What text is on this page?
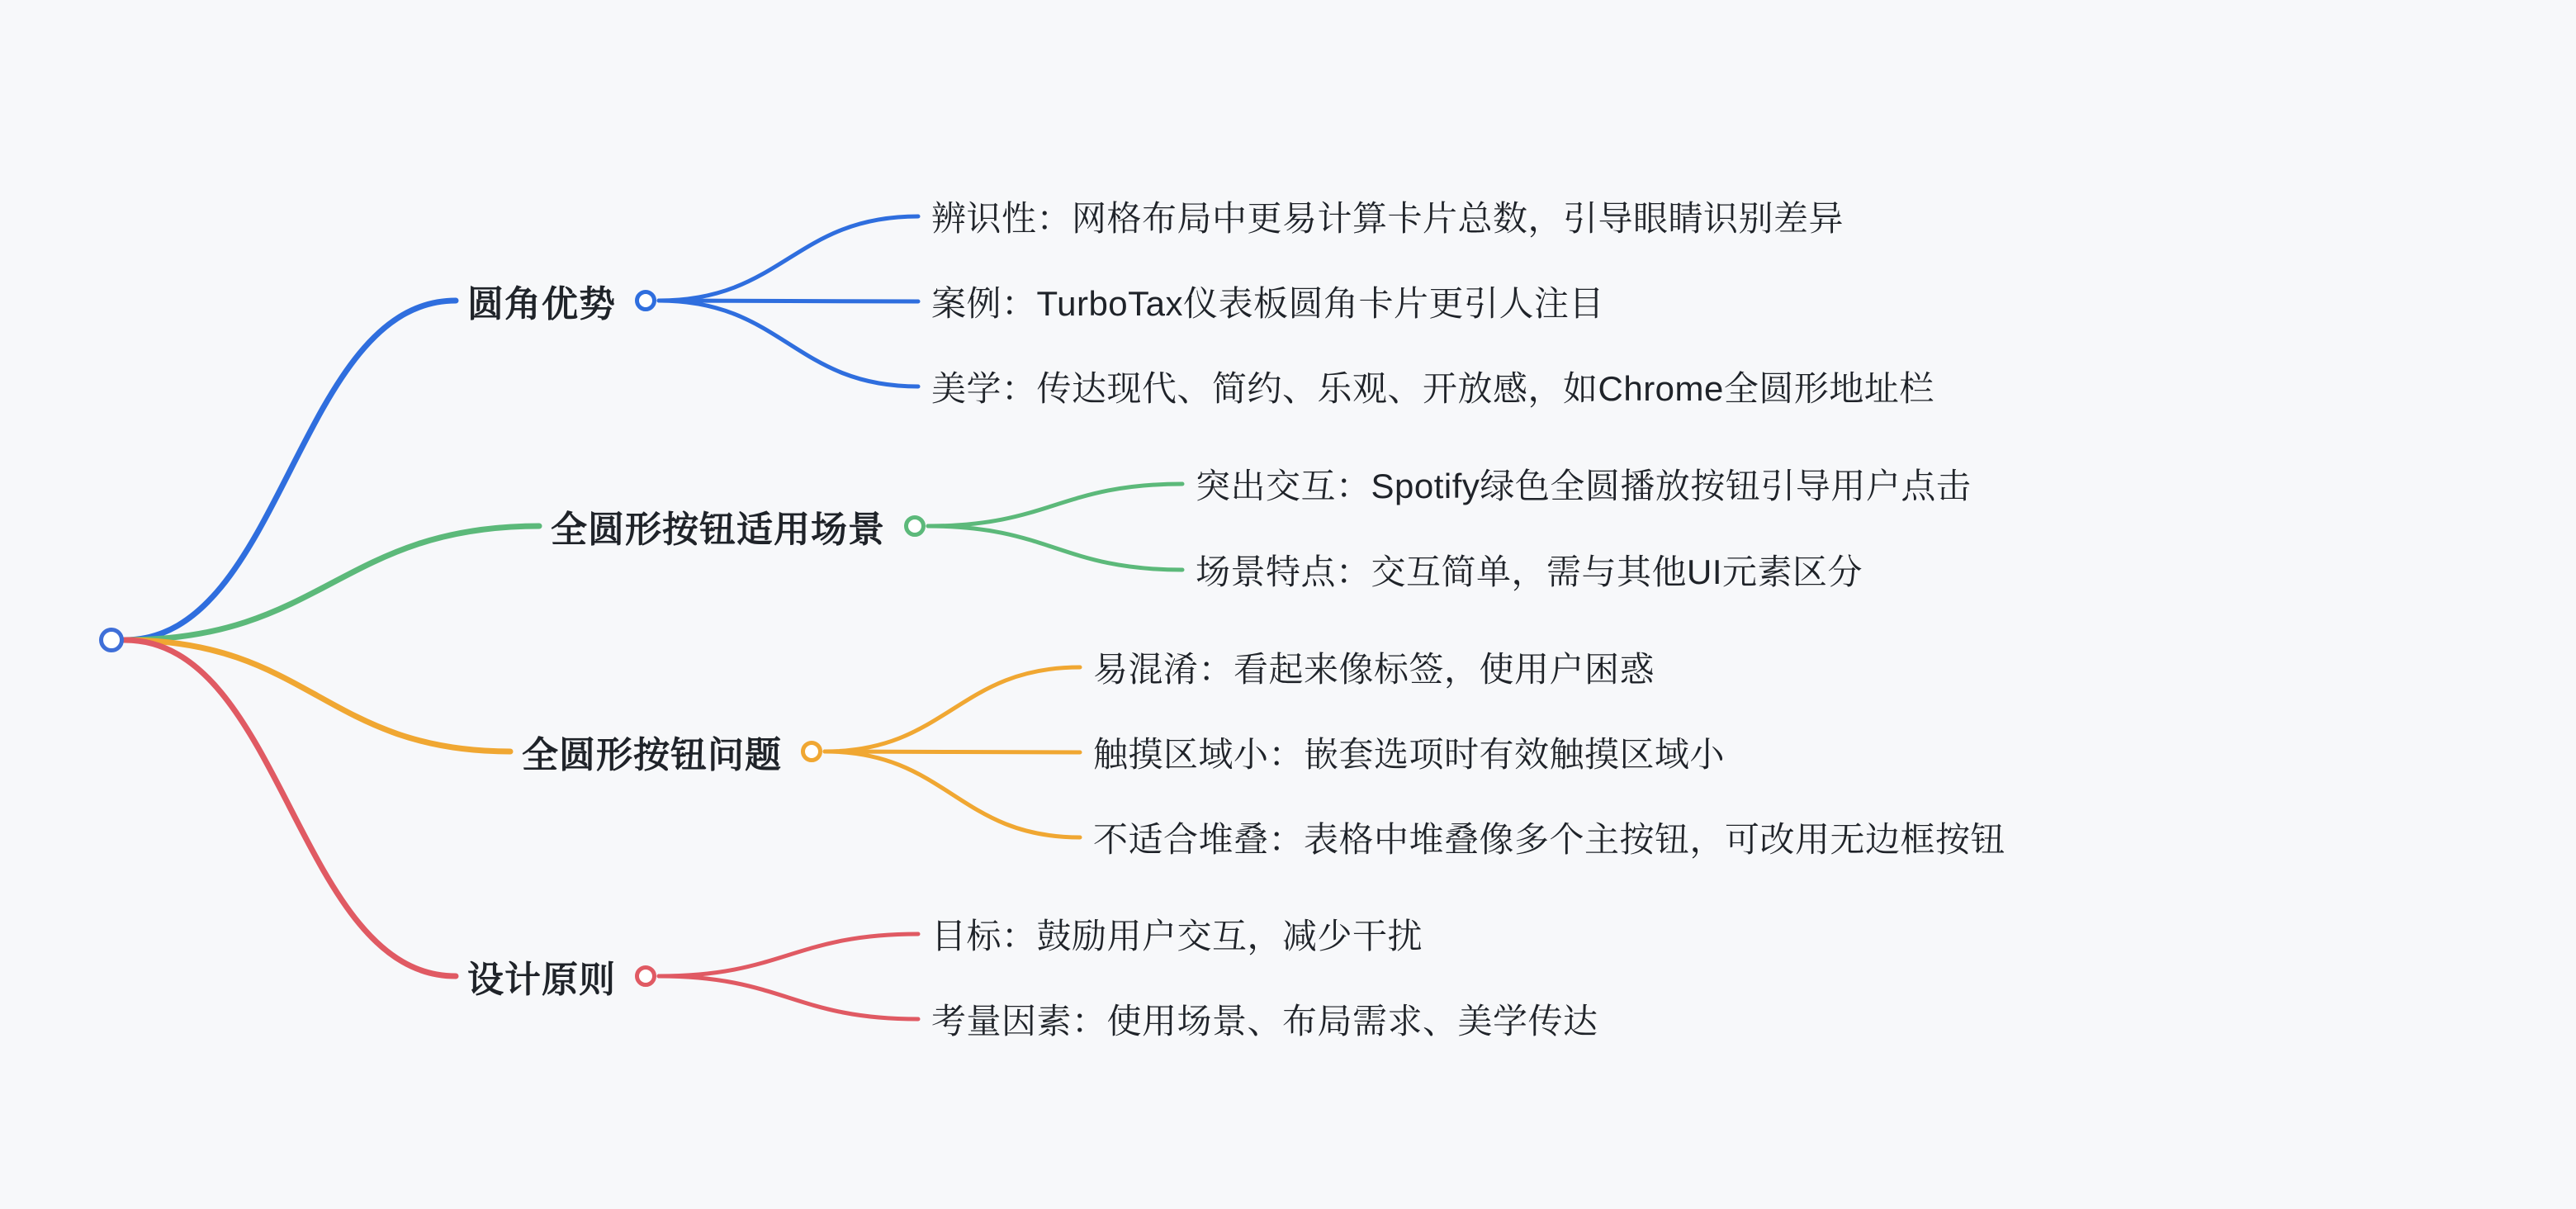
圆角优势
辨识性：网格布局中更易计算卡片总数，引导眼睛识别差异
案例：TurboTax仪表板圆角卡片更引人注目
美学：传达现代、简约、乐观、开放感，如Chrome全圆形地址栏
全圆形按钮适用场景
突出交互：Spotify绿色全圆播放按钮引导用户点击
场景特点：交互简单，需与其他UI元素区分
全圆形按钮问题
易混淆：看起来像标签，使用户困惑
触摸区域小：嵌套选项时有效触摸区域小
不适合堆叠：表格中堆叠像多个主按钮，可改用无边框按钮
设计原则
目标：鼓励用户交互，减少干扰
考量因素：使用场景、布局需求、美学传达
